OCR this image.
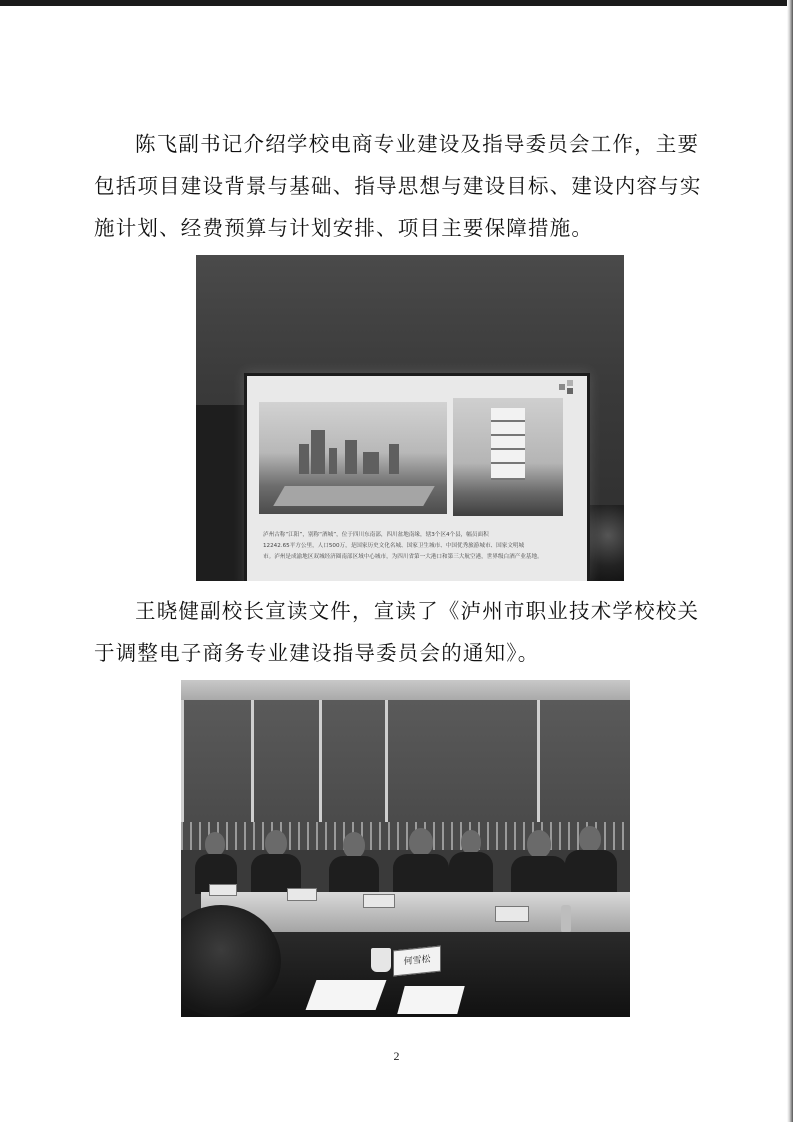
陈飞副书记介绍学校电商专业建设及指导委员会工作，主要
包括项目建设背景与基础、指导思想与建设目标、建设内容与实
施计划、经费预算与计划安排、项目主要保障措施。

泸州古称“江阳”，别称“酒城”，位于四川东南部，四川盆地南缘，辖3个区4个县，幅员面积
12242.65平方公里，人口500万，是国家历史文化名城、国家卫生城市、中国优秀旅游城市、国家文明城
市。泸州是成渝地区双城经济圈南部区域中心城市，为四川省第一大港口和第三大航空港，世界级白酒产业基地。

王晓健副校长宣读文件，宣读了《泸州市职业技术学校校关
于调整电子商务专业建设指导委员会的通知》。

何雪松
2
